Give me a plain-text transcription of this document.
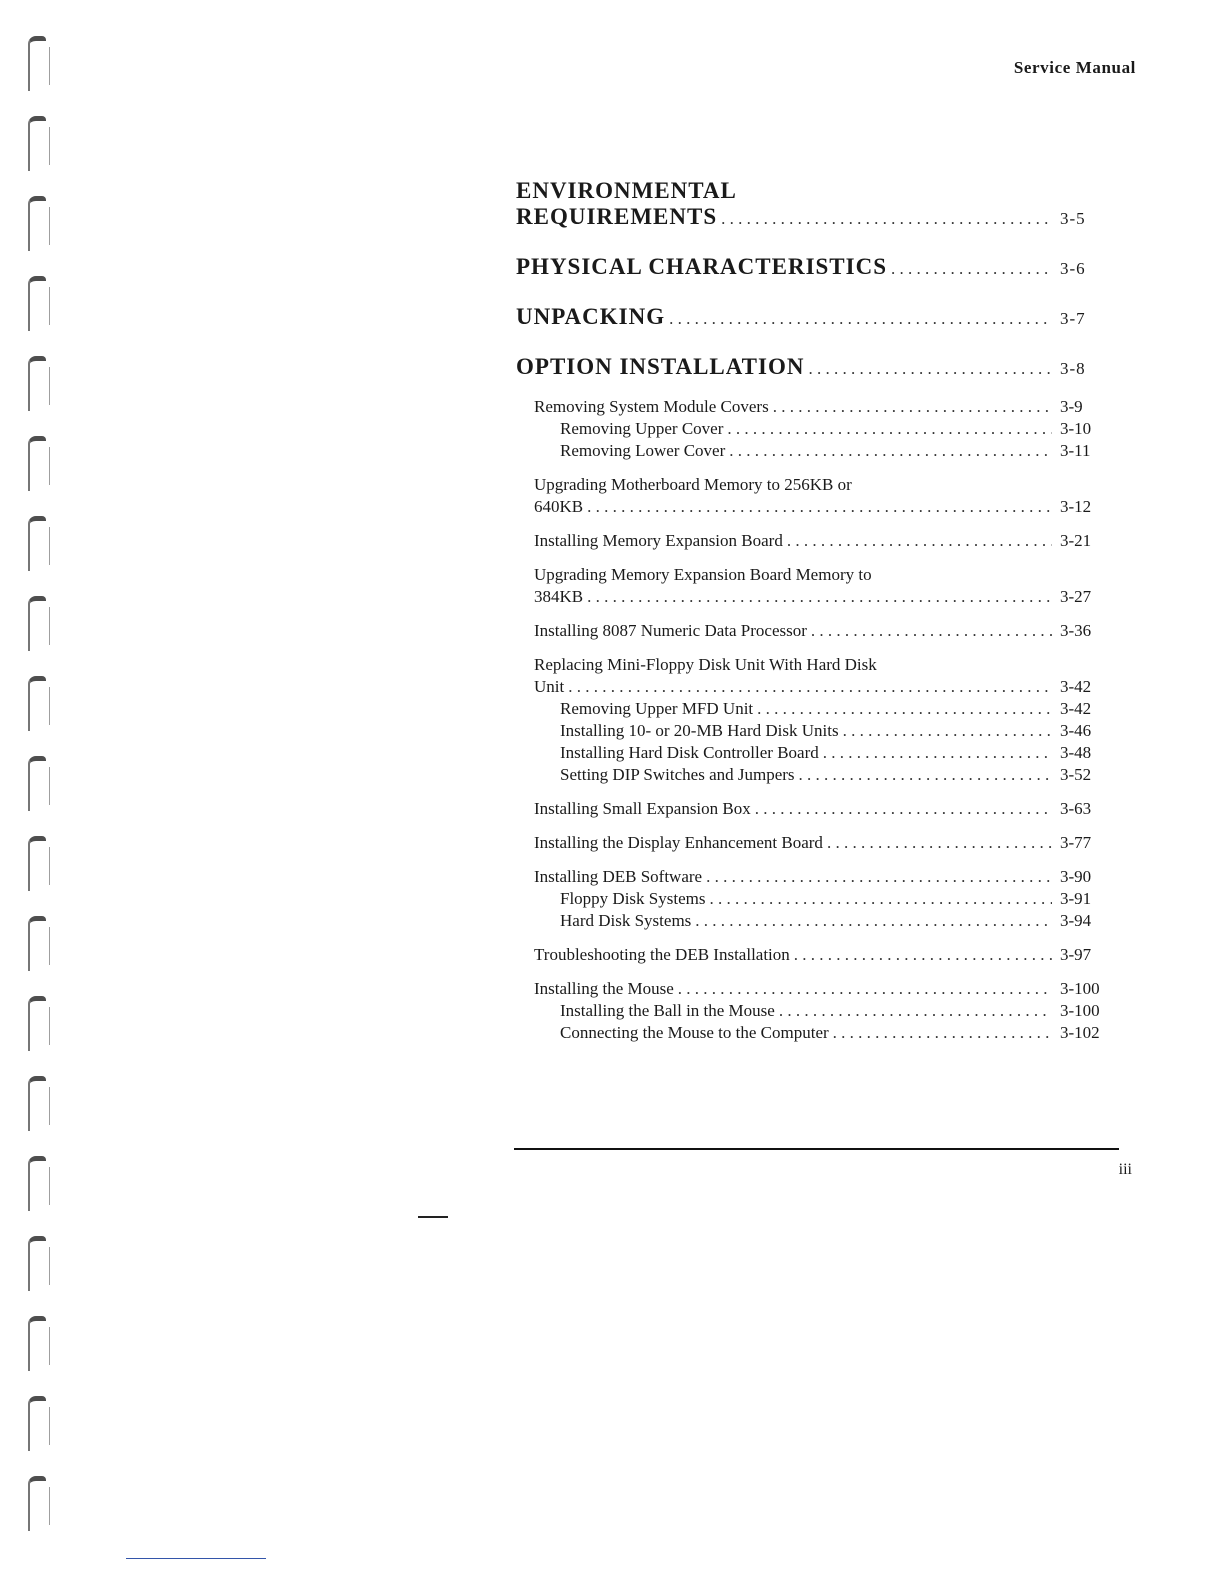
Service Manual
ENVIRONMENTAL
REQUIREMENTS . . .	3-5
PHYSICAL CHARACTERISTICS . . .	3-6
UNPACKING . . .	3-7
OPTION INSTALLATION . . .	3-8
Removing System Module Covers . . .	3-9
Removing Upper Cover . . .	3-10
Removing Lower Cover . . .	3-11
Upgrading Motherboard Memory to 256KB or
640KB . . .	3-12
Installing Memory Expansion Board . . .	3-21
Upgrading Memory Expansion Board Memory to
384KB . . .	3-27
Installing 8087 Numeric Data Processor . . .	3-36
Replacing Mini-Floppy Disk Unit With Hard Disk
Unit . . .	3-42
Removing Upper MFD Unit . . .	3-42
Installing 10- or 20-MB Hard Disk Units . . .	3-46
Installing Hard Disk Controller Board . . .	3-48
Setting DIP Switches and Jumpers . . .	3-52
Installing Small Expansion Box . . .	3-63
Installing the Display Enhancement Board . . .	3-77
Installing DEB Software . . .	3-90
Floppy Disk Systems . . .	3-91
Hard Disk Systems . . .	3-94
Troubleshooting the DEB Installation . . .	3-97
Installing the Mouse . . .	3-100
Installing the Ball in the Mouse . . .	3-100
Connecting the Mouse to the Computer . . .	3-102
iii
